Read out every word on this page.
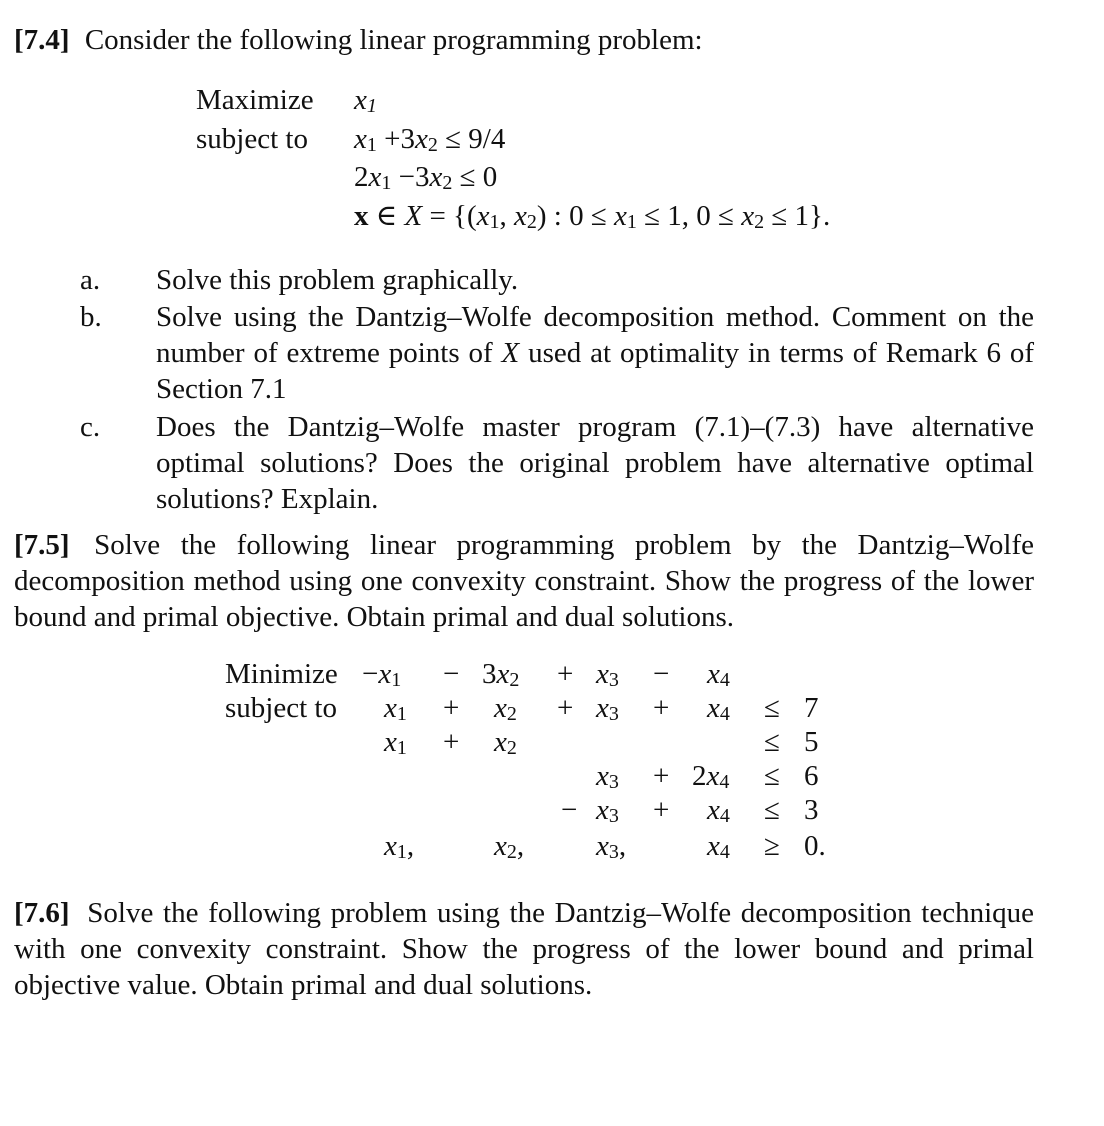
[7.4] Consider the following linear programming problem:
Maximize $x_1$
subject to $x_1 +3x_2 \le 9/4$
$2x_1 -3x_2 \le 0$
x ∈ $X = \{(x_1$, $x_2$) : $0 \le x_1 \le 1$, $0 \le x_2 \le 1$}.
a. Solve this problem graphically.
b. Solve using the Dantzig–Wolfe decomposition method. Comment on the number of extreme points of X used at optimality in terms of Remark 6 of Section 7.1
c. Does the Dantzig–Wolfe master program (7.1)–(7.3) have alternative optimal solutions? Does the original problem have alternative optimal solutions? Explain.
[7.5] Solve the following linear programming problem by the Dantzig–Wolfe decomposition method using one convexity constraint. Show the progress of the lower bound and primal objective. Obtain primal and dual solutions.
Minimize
subject to
$-x_1 - 3x_2 + x_3 - x_4$
$x_1 + x_2 + x_3 + x_4 \le 7$
$x_1 + x_2$	≤ 5
$x_3 + 2x_4 \le 6$
− $x_3 + x_4 \le 3$
$x_1$,	$x_2$, $x_3$,	$x_4 \ge 0$.
[7.6] Solve the following problem using the Dantzig–Wolfe decomposition technique with one convexity constraint. Show the progress of the lower bound and primal objective value. Obtain primal and dual solutions.
